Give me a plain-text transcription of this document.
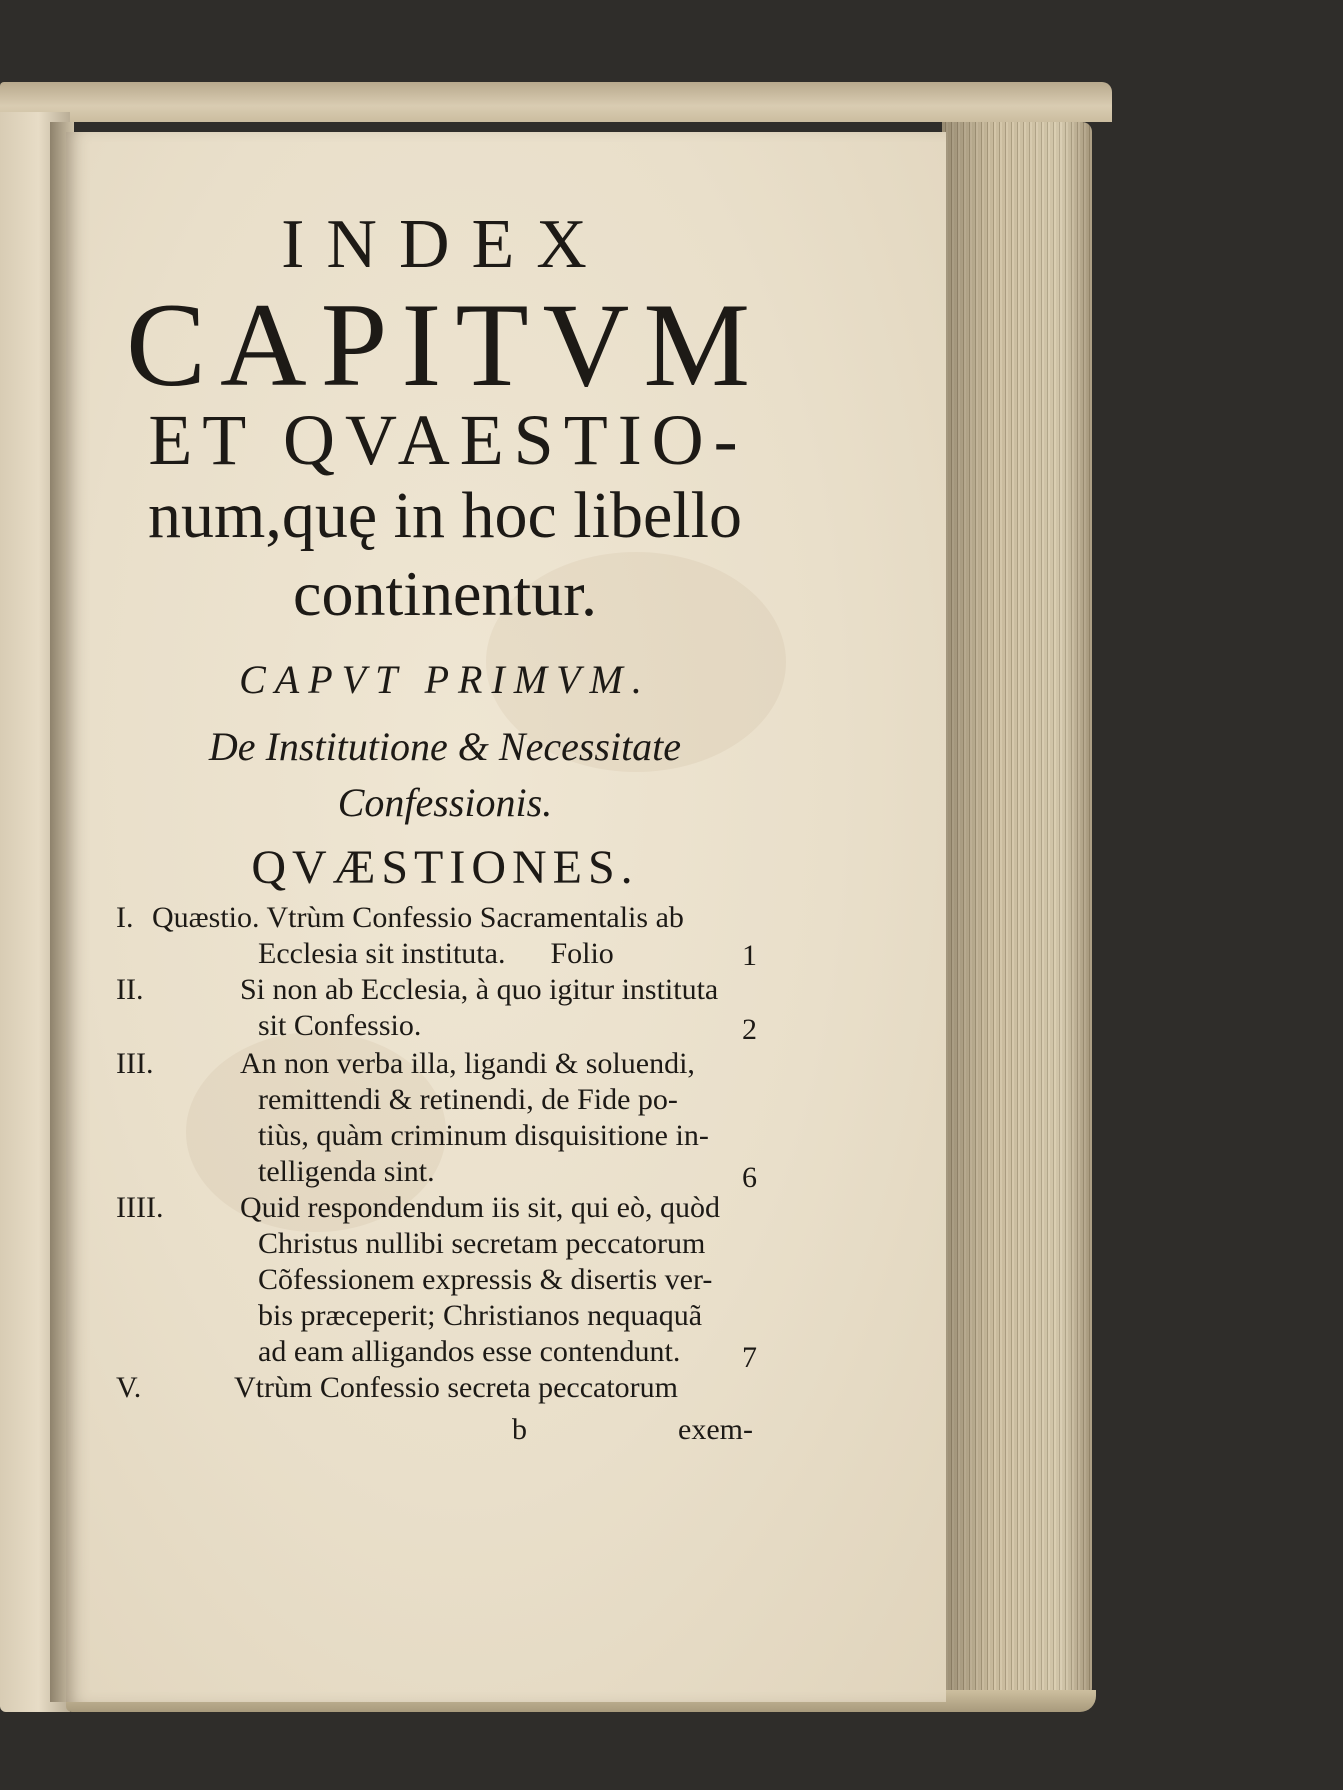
INDEX
CAPITVM
ET QVAESTIO-
num,quę in hoc libello
continentur.
CAPVT PRIMVM.
De Institutione & Necessitate
Confessionis.
QVÆSTIONES.
I. Quæstio. Vtrùm Confessio Sacramentalis ab
Ecclesia sit instituta.      Folio	1
II.	Si non ab Ecclesia, à quo igitur instituta
sit Confessio.	2
III.	An non verba illa, ligandi & soluendi,
remittendi & retinendi, de Fide po-
tiùs, quàm criminum disquisitione in-
telligenda sint.	6
IIII.	Quid respondendum iis sit, qui eò, quòd
Christus nullibi secretam peccatorum
Cõfessionem expressis & disertis ver-
bis præceperit; Christianos nequaquã
ad eam alligandos esse contendunt. 7
V.	Vtrùm Confessio secreta peccatorum
b	exem-
